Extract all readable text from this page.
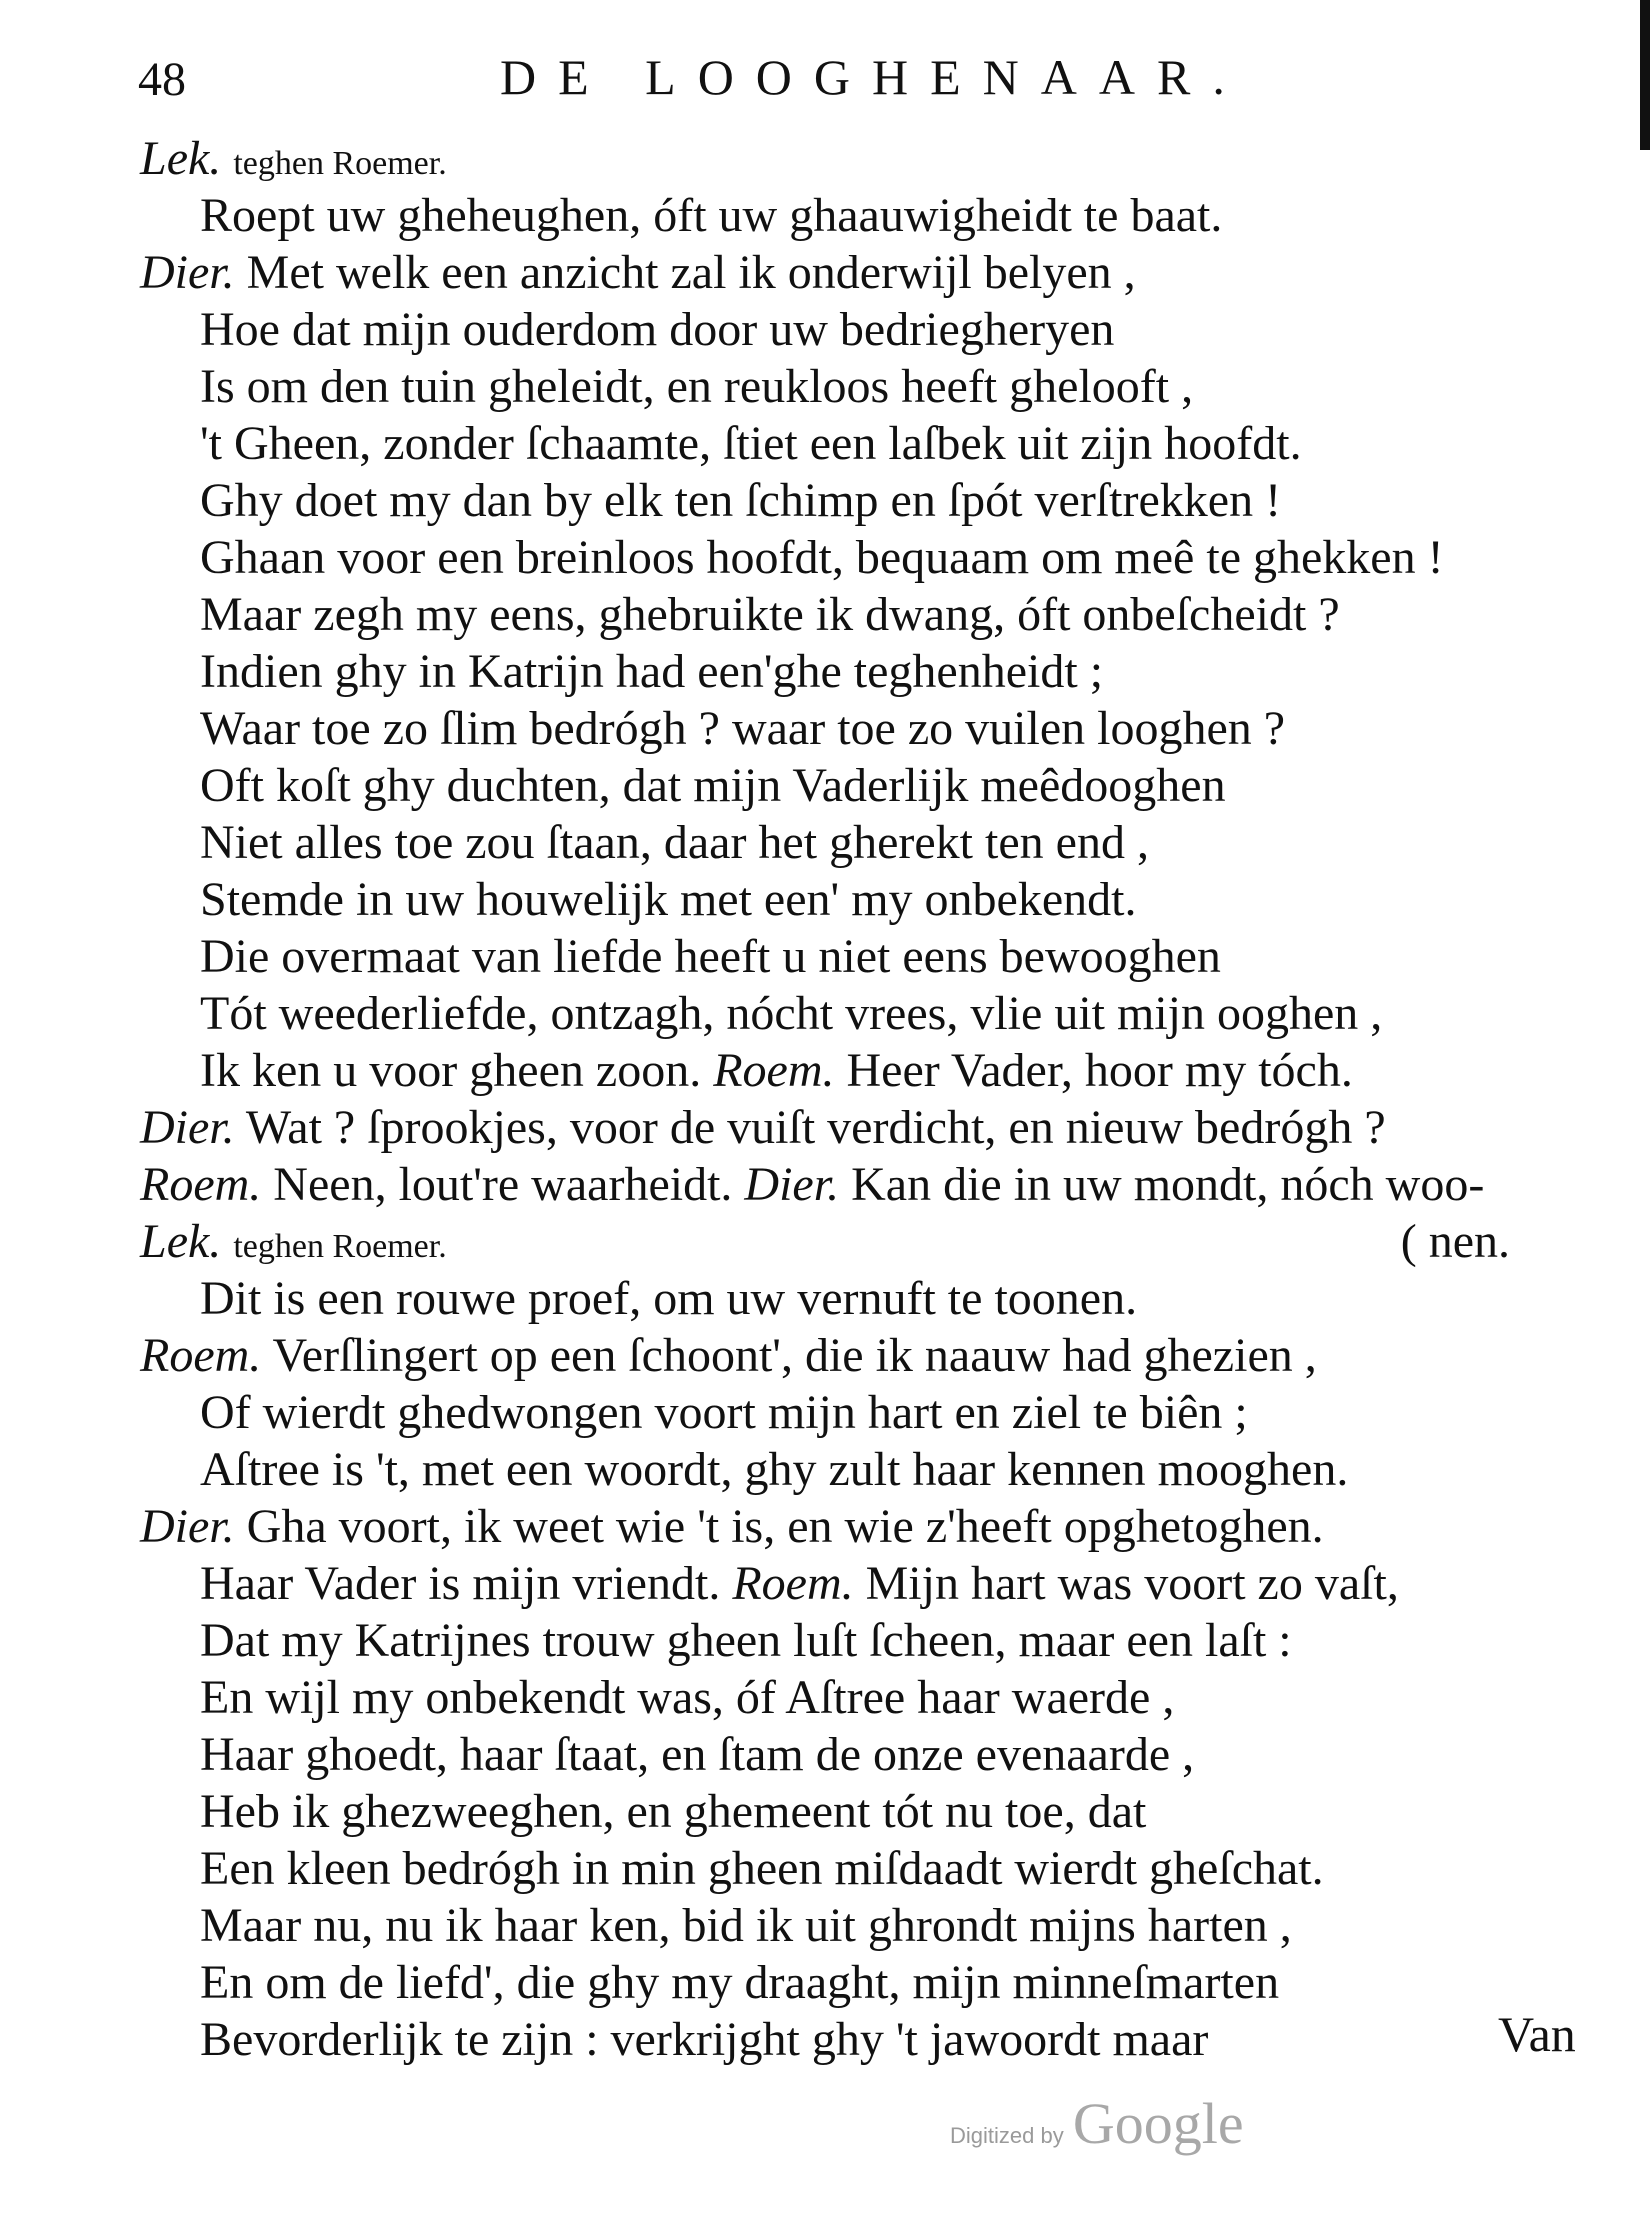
48	DE LOOGHENAAR.
Lek. teghen Roemer.
Roept uw gheheughen, óft uw ghaauwigheidt te baat.
Dier. Met welk een anzicht zal ik onderwijl belyen ,
Hoe dat mijn ouderdom door uw bedriegheryen
Is om den tuin gheleidt, en reukloos heeft ghelooft ,
't Gheen, zonder ſchaamte, ſtiet een laſbek uit zijn hoofdt.
Ghy doet my dan by elk ten ſchimp en ſpót verſtrekken !
Ghaan voor een breinloos hoofdt, bequaam om meê te ghekken !
Maar zegh my eens, ghebruikte ik dwang, óft onbeſcheidt ?
Indien ghy in Katrijn had een'ghe teghenheidt ;
Waar toe zo ſlim bedrógh ? waar toe zo vuilen looghen ?
Oft koſt ghy duchten, dat mijn Vaderlijk meêdooghen
Niet alles toe zou ſtaan, daar het gherekt ten end ,
Stemde in uw houwelijk met een' my onbekendt.
Die overmaat van liefde heeft u niet eens bewooghen
Tót weederliefde, ontzagh, nócht vrees, vlie uit mijn ooghen ,
Ik ken u voor gheen zoon. Roem. Heer Vader, hoor my tóch.
Dier. Wat ? ſprookjes, voor de vuiſt verdicht, en nieuw bedrógh ?
Roem. Neen, lout're waarheidt. Dier. Kan die in uw mondt, nóch woo-
Lek. teghen Roemer.	( nen.
Dit is een rouwe proef, om uw vernuft te toonen.
Roem. Verſlingert op een ſchoont', die ik naauw had ghezien ,
Of wierdt ghedwongen voort mijn hart en ziel te biên ;
Aſtree is 't, met een woordt, ghy zult haar kennen mooghen.
Dier. Gha voort, ik weet wie 't is, en wie z'heeft opghetoghen.
Haar Vader is mijn vriendt. Roem. Mijn hart was voort zo vaſt,
Dat my Katrijnes trouw gheen luſt ſcheen, maar een laſt :
En wijl my onbekendt was, óf Aſtree haar waerde ,
Haar ghoedt, haar ſtaat, en ſtam de onze evenaarde ,
Heb ik ghezweeghen, en ghemeent tót nu toe, dat
Een kleen bedrógh in min gheen miſdaadt wierdt gheſchat.
Maar nu, nu ik haar ken, bid ik uit ghrondt mijns harten ,
En om de liefd', die ghy my draaght, mijn minneſmarten
Bevorderlijk te zijn : verkrijght ghy 't jawoordt maar	Van
Digitized by Google
